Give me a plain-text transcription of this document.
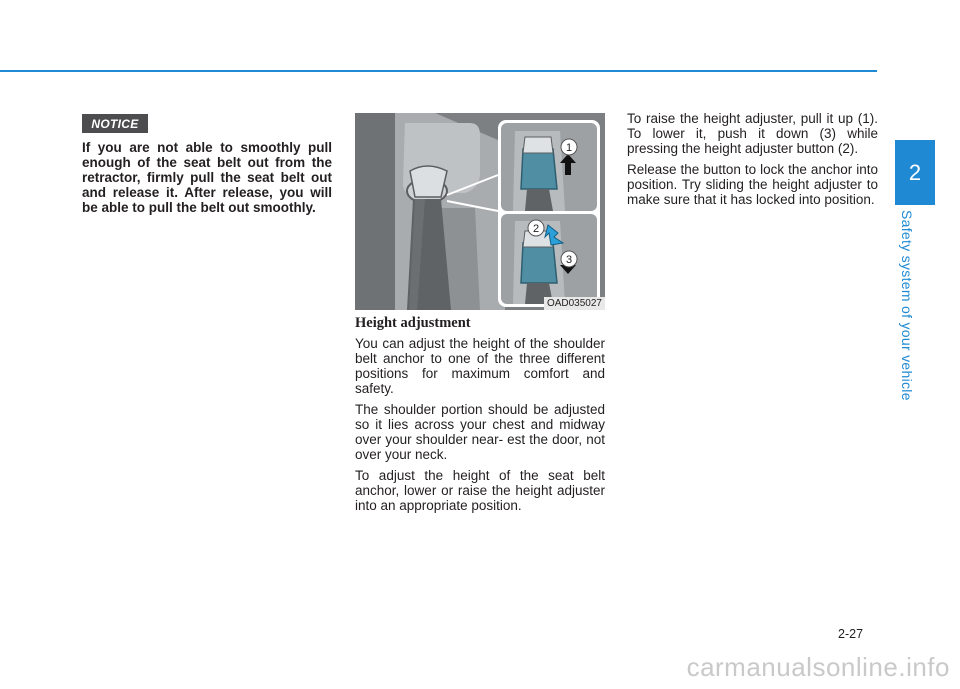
2
Safety system of your vehicle
NOTICE
If you are not able to smoothly pull enough of the seat belt out from the retractor, firmly pull the seat belt out and release it. After release, you will be able to pull the belt out smoothly.
1
2
3
OAD035027
Height adjustment

You can adjust the height of the shoulder belt anchor to one of the three different positions for maximum comfort and safety.

The shoulder portion should be adjusted so it lies across your chest and midway over your shoulder near- est the door, not over your neck.

To adjust the height of the seat belt anchor, lower or raise the height adjuster into an appropriate position.

To raise the height adjuster, pull it up (1). To lower it, push it down (3) while pressing the height adjuster button (2).

Release the button to lock the anchor into position. Try sliding the height adjuster to make sure that it has locked into position.

2-27
carmanualsonline.info
